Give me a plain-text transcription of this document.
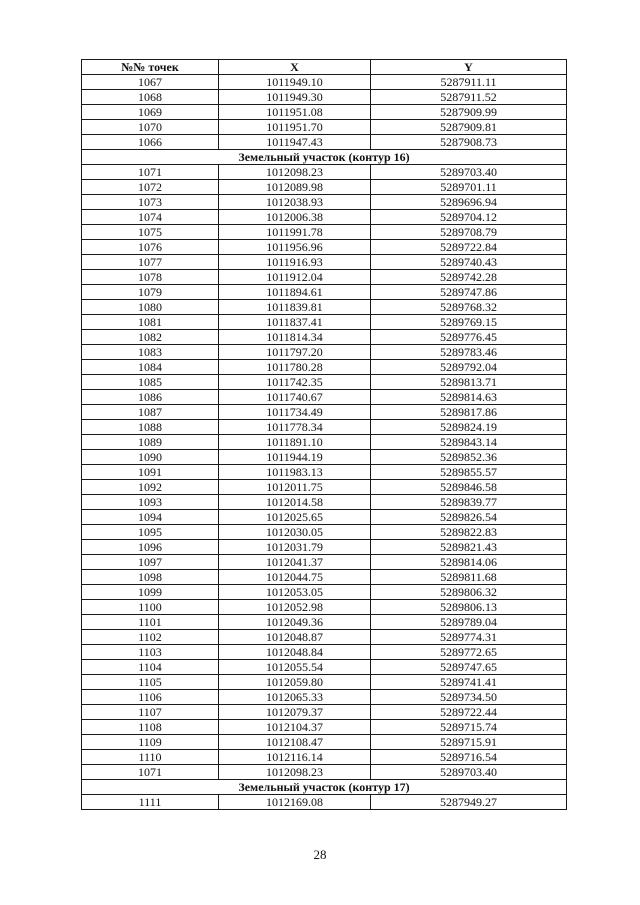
№№ точек	X	Y
1067	1011949.10	5287911.11
1068	1011949.30	5287911.52
1069	1011951.08	5287909.99
1070	1011951.70	5287909.81
1066	1011947.43	5287908.73
Земельный участок (контур 16)		
1071	1012098.23	5289703.40
1072	1012089.98	5289701.11
1073	1012038.93	5289696.94
1074	1012006.38	5289704.12
1075	1011991.78	5289708.79
1076	1011956.96	5289722.84
1077	1011916.93	5289740.43
1078	1011912.04	5289742.28
1079	1011894.61	5289747.86
1080	1011839.81	5289768.32
1081	1011837.41	5289769.15
1082	1011814.34	5289776.45
1083	1011797.20	5289783.46
1084	1011780.28	5289792.04
1085	1011742.35	5289813.71
1086	1011740.67	5289814.63
1087	1011734.49	5289817.86
1088	1011778.34	5289824.19
1089	1011891.10	5289843.14
1090	1011944.19	5289852.36
1091	1011983.13	5289855.57
1092	1012011.75	5289846.58
1093	1012014.58	5289839.77
1094	1012025.65	5289826.54
1095	1012030.05	5289822.83
1096	1012031.79	5289821.43
1097	1012041.37	5289814.06
1098	1012044.75	5289811.68
1099	1012053.05	5289806.32
1100	1012052.98	5289806.13
1101	1012049.36	5289789.04
1102	1012048.87	5289774.31
1103	1012048.84	5289772.65
1104	1012055.54	5289747.65
1105	1012059.80	5289741.41
1106	1012065.33	5289734.50
1107	1012079.37	5289722.44
1108	1012104.37	5289715.74
1109	1012108.47	5289715.91
1110	1012116.14	5289716.54
1071	1012098.23	5289703.40
Земельный участок (контур 17)		
1111	1012169.08	5287949.27
28
